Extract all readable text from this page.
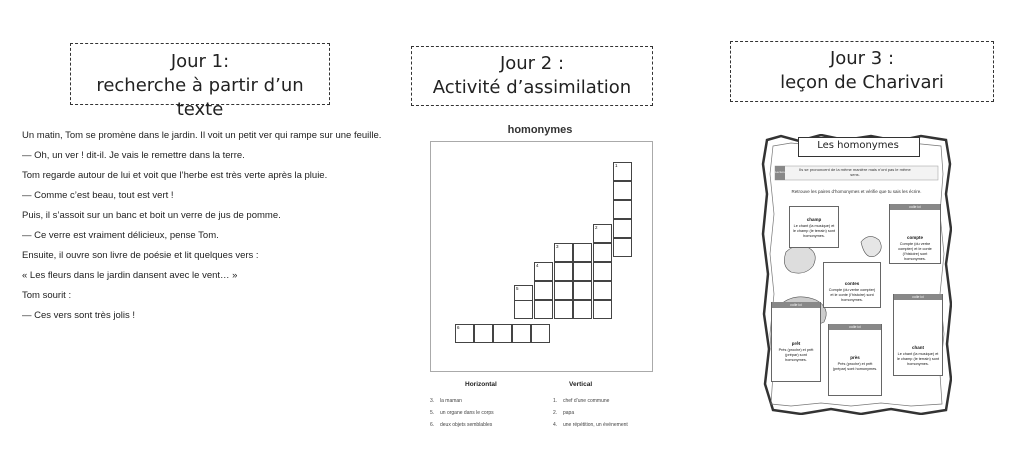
Jour 1:
recherche à partir d’un texte
Jour 2 :
Activité d’assimilation
Jour 3 :
leçon de Charivari

Un matin, Tom se promène dans le jardin. Il voit un petit ver qui rampe sur une feuille.

— Oh, un ver ! dit-il. Je vais le remettre dans la terre.

Tom regarde autour de lui et voit que l’herbe est très verte après la pluie.

— Comme c’est beau, tout est vert !

Puis, il s’assoit sur un banc et boit un verre de jus de pomme.

— Ce verre est vraiment délicieux, pense Tom.

Ensuite, il ouvre son livre de poésie et lit quelques vers :

« Les fleurs dans le jardin dansent avec le vent… »

Tom sourit :

— Ces vers sont très jolis !

homonymes
1
2
3
4
5
6
Horizontal	Vertical
3. la maman
5. un organe dans le corps
6. deux objets semblables
1. chef d’une commune
2. papa
4. une répétition, un événement
Les homonymes
Lecture	Ils se prononcent de la même manière mais n’ont pas le même sens.
Retrouve les paires d’homonymes et vérifie que tu sais les écrire.
champ
Le chant (la musique) et le champ (le terrain) sont homonymes.
colle ici
compte
Compte (du verbe compter) et le conte (l’histoire) sont homonymes.
contes
Compte (du verbe compter) et le conte (l’histoire) sont homonymes.
colle ici
prêt
Près (proche) et prêt (prépar) sont homonymes.
colle ici
près
Près (proche) et prêt (prépar) sont homonymes.
colle ici
chant
Le chant (la musique) et le champ (le terrain) sont homonymes.
